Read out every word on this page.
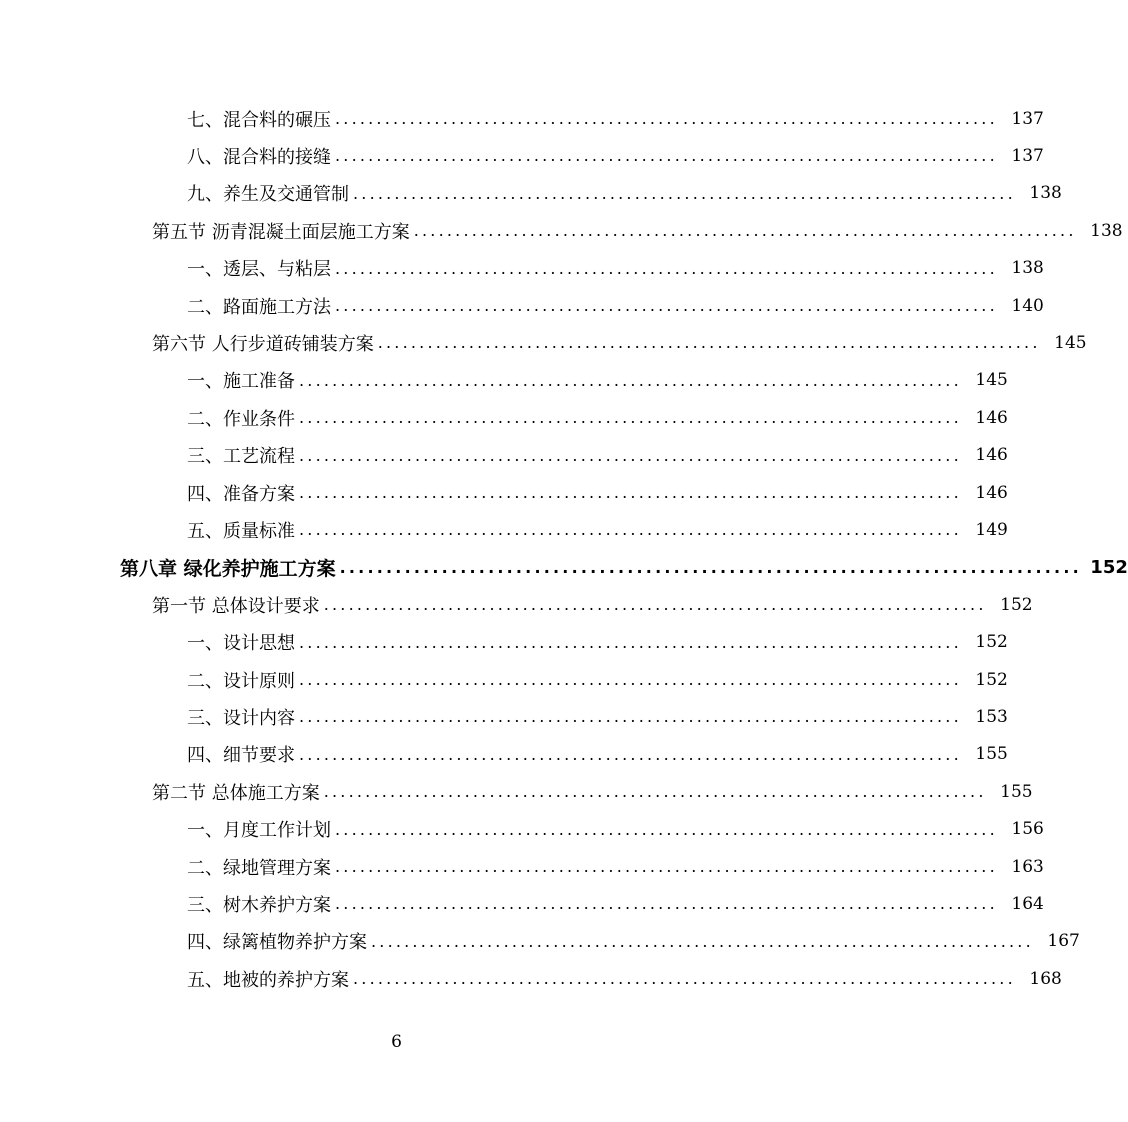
七、混合料的碾压 ................................................................................ 137
八、混合料的接缝 ................................................................................ 137
九、养生及交通管制 ................................................................................ 138
第五节 沥青混凝土面层施工方案 ................................................................................ 138
一、透层、与粘层 ................................................................................ 138
二、路面施工方法 ................................................................................ 140
第六节 人行步道砖铺装方案 ................................................................................ 145
一、施工准备 ................................................................................ 145
二、作业条件 ................................................................................ 146
三、工艺流程 ................................................................................ 146
四、准备方案 ................................................................................ 146
五、质量标准 ................................................................................ 149
第八章 绿化养护施工方案 ................................................................................ 152
第一节 总体设计要求 ................................................................................ 152
一、设计思想 ................................................................................ 152
二、设计原则 ................................................................................ 152
三、设计内容 ................................................................................ 153
四、细节要求 ................................................................................ 155
第二节 总体施工方案 ................................................................................ 155
一、月度工作计划 ................................................................................ 156
二、绿地管理方案 ................................................................................ 163
三、树木养护方案 ................................................................................ 164
四、绿篱植物养护方案 ................................................................................ 167
五、地被的养护方案 ................................................................................ 168
6
